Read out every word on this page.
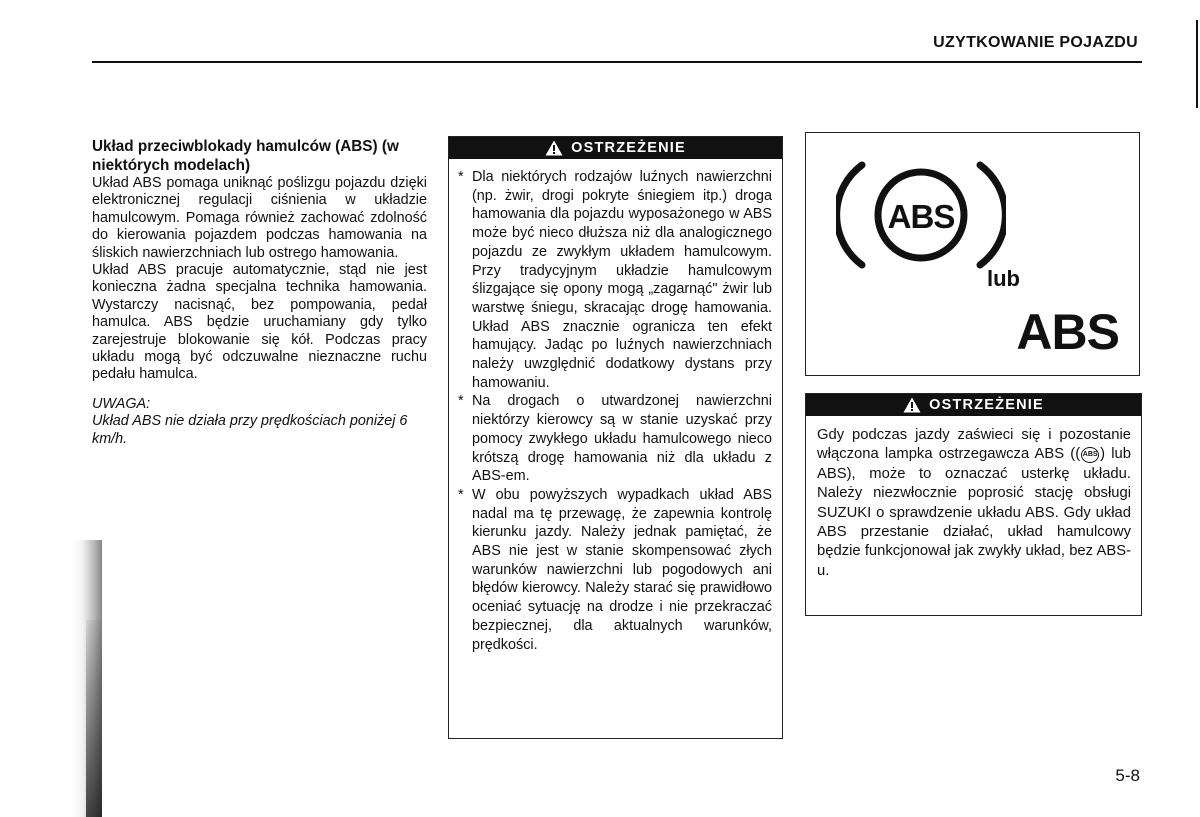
UZYTKOWANIE POJAZDU
Układ przeciwblokady hamulców (ABS) (w niektórych modelach)

Układ ABS pomaga uniknąć poślizgu pojazdu dzięki elektronicznej regulacji ciśnienia w układzie hamulcowym. Pomaga również zachować zdolność do kierowania pojazdem podczas hamowania na śliskich nawierzchniach lub ostrego hamowania.

Układ ABS pracuje automatycznie, stąd nie jest konieczna żadna specjalna technika hamowania. Wystarczy nacisnąć, bez pompowania, pedał hamulca. ABS będzie uruchamiany gdy tylko zarejestruje blokowanie się kół. Podczas pracy układu mogą być odczuwalne nieznaczne ruchu pedału hamulca.

UWAGA:
Układ ABS nie działa przy prędkościach poniżej 6 km/h.

OSTRZEŻENIE
* Dla niektórych rodzajów luźnych nawierzchni (np. żwir, drogi pokryte śniegiem itp.) droga hamowania dla pojazdu wyposażonego w ABS może być nieco dłuższa niż dla analogicznego pojazdu ze zwykłym układem hamulcowym. Przy tradycyjnym układzie hamulcowym ślizgające się opony mogą „zagarnąć" żwir lub warstwę śniegu, skracając drogę hamowania. Układ ABS znacznie ogranicza ten efekt hamujący. Jadąc po luźnych nawierzchniach należy uwzględnić dodatkowy dystans przy hamowaniu.
* Na drogach o utwardzonej nawierzchni niektórzy kierowcy są w stanie uzyskać przy pomocy zwykłego układu hamulcowego nieco krótszą drogę hamowania niż dla układu z ABS-em.
* W obu powyższych wypadkach układ ABS nadal ma tę przewagę, że zapewnia kontrolę kierunku jazdy. Należy jednak pamiętać, że ABS nie jest w stanie skompensować złych warunków nawierzchni lub pogodowych ani błędów kierowcy. Należy starać się prawidłowo oceniać sytuację na drodze i nie przekraczać bezpiecznej, dla aktualnych warunków, prędkości.
ABS
lub
ABS
OSTRZEŻENIE
Gdy podczas jazdy zaświeci się i pozostanie włączona lampka ostrzegawcza ABS (( ABS ) lub ABS), może to oznaczać usterkę układu. Należy niezwłocznie poprosić stację obsługi SUZUKI o sprawdzenie układu ABS. Gdy układ ABS przestanie działać, układ hamulcowy będzie funkcjonował jak zwykły układ, bez ABS-u.
5-8
